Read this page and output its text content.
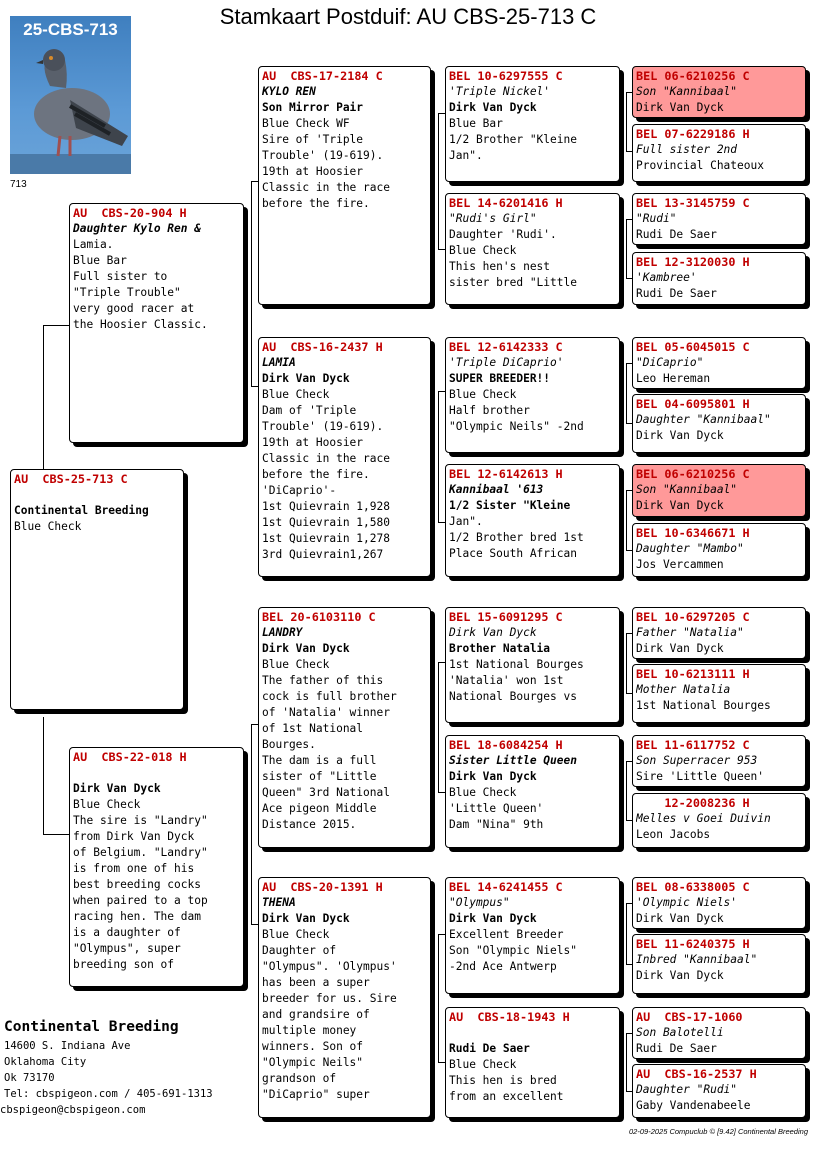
Stamkaart Postduif: AU CBS-25-713 C
25-CBS-713
713
AU  CBS-25-713 C

Continental Breeding
Blue Check
AU  CBS-20-904 H
Daughter Kylo Ren &
Lamia.
Blue Bar
Full sister to
"Triple Trouble"
very good racer at
the Hoosier Classic.
AU  CBS-22-018 H

Dirk Van Dyck
Blue Check
The sire is "Landry"
from Dirk Van Dyck
of Belgium. "Landry"
is from one of his
best breeding cocks
when paired to a top
racing hen. The dam
is a daughter of
"Olympus", super
breeding son of
AU  CBS-17-2184 C
KYLO REN
Son Mirror Pair
Blue Check WF
Sire of 'Triple
Trouble' (19-619).
19th at Hoosier
Classic in the race
before the fire.
AU  CBS-16-2437 H
LAMIA
Dirk Van Dyck
Blue Check
Dam of 'Triple
Trouble' (19-619).
19th at Hoosier
Classic in the race
before the fire.
'DiCaprio'-
1st Quievrain 1,928
1st Quievrain 1,580
1st Quievrain 1,278
3rd Quievrain1,267
BEL 20-6103110 C
LANDRY
Dirk Van Dyck
Blue Check
The father of this
cock is full brother
of 'Natalia' winner
of 1st National
Bourges.
The dam is a full
sister of "Little
Queen" 3rd National
Ace pigeon Middle
Distance 2015.
AU  CBS-20-1391 H
THENA
Dirk Van Dyck
Blue Check
Daughter of
"Olympus". 'Olympus'
has been a super
breeder for us. Sire
and grandsire of
multiple money
winners. Son of
"Olympic Neils"
grandson of
"DiCaprio" super
BEL 10-6297555 C
'Triple Nickel'
Dirk Van Dyck
Blue Bar
1/2 Brother "Kleine
Jan".
BEL 14-6201416 H
"Rudi's Girl"
Daughter 'Rudi'.
Blue Check
This hen's nest
sister bred "Little
BEL 12-6142333 C
'Triple DiCaprio'
SUPER BREEDER!!
Blue Check
Half brother
"Olympic Neils" -2nd
BEL 12-6142613 H
Kannibaal '613
1/2 Sister "Kleine
Jan".
1/2 Brother bred 1st
Place South African
BEL 15-6091295 C
Dirk Van Dyck
Brother Natalia
1st National Bourges
'Natalia' won 1st
National Bourges vs
BEL 18-6084254 H
Sister Little Queen
Dirk Van Dyck
Blue Check
'Little Queen'
Dam "Nina" 9th
BEL 14-6241455 C
"Olympus"
Dirk Van Dyck
Excellent Breeder
Son "Olympic Niels"
-2nd Ace Antwerp
AU  CBS-18-1943 H

Rudi De Saer
Blue Check
This hen is bred
from an excellent
BEL 06-6210256 C
Son "Kannibaal"
Dirk Van Dyck
BEL 07-6229186 H
Full sister 2nd
Provincial Chateoux
BEL 13-3145759 C
"Rudi"
Rudi De Saer
BEL 12-3120030 H
'Kambree'
Rudi De Saer
BEL 05-6045015 C
"DiCaprio"
Leo Hereman
BEL 04-6095801 H
Daughter "Kannibaal"
Dirk Van Dyck
BEL 06-6210256 C
Son "Kannibaal"
Dirk Van Dyck
BEL 10-6346671 H
Daughter "Mambo"
Jos Vercammen
BEL 10-6297205 C
Father "Natalia"
Dirk Van Dyck
BEL 10-6213111 H
Mother Natalia
1st National Bourges
BEL 11-6117752 C
Son Superracer 953
Sire 'Little Queen'
12-2008236 H
Melles v Goei Duivin
Leon Jacobs
BEL 08-6338005 C
'Olympic Niels'
Dirk Van Dyck
BEL 11-6240375 H
Inbred "Kannibaal"
Dirk Van Dyck
AU  CBS-17-1060
Son Balotelli
Rudi De Saer
AU  CBS-16-2537 H
Daughter "Rudi"
Gaby Vandenabeele
Continental Breeding
14600 S. Indiana Ave
Oklahoma City
Ok 73170
Tel: cbspigeon.com / 405-691-1313
cbspigeon@cbspigeon.com
02-09-2025 Compuclub © [9.42] Continental Breeding
